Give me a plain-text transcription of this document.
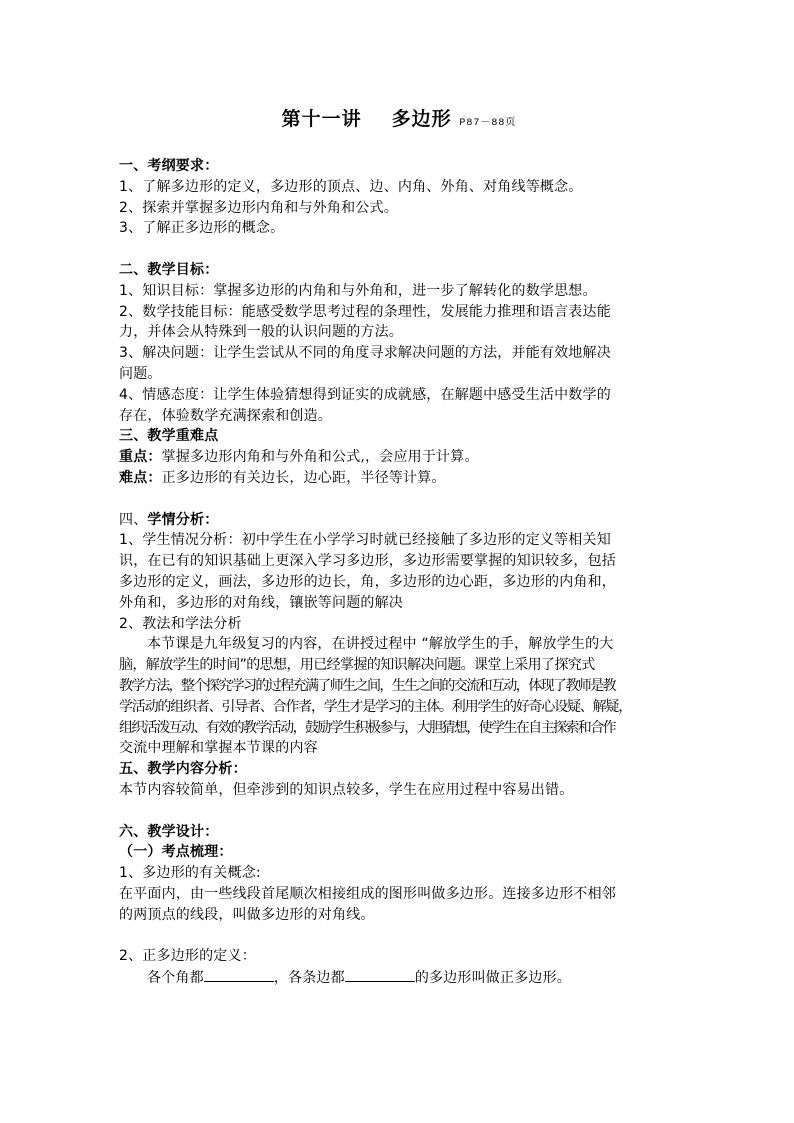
第十一讲 多边形 P87－88页
一、考纲要求：
1、了解多边形的定义，多边形的顶点、边、内角、外角、对角线等概念。
2、探索并掌握多边形内角和与外角和公式。
3、了解正多边形的概念。
二、教学目标：
1、知识目标：掌握多边形的内角和与外角和，进一步了解转化的数学思想。
2、数学技能目标：能感受数学思考过程的条理性，发展能力推理和语言表达能
力，并体会从特殊到一般的认识问题的方法。
3、解决问题：让学生尝试从不同的角度寻求解决问题的方法，并能有效地解决
问题。
4、情感态度：让学生体验猜想得到证实的成就感，在解题中感受生活中数学的
存在，体验数学充满探索和创造。
三、教学重难点
重点：掌握多边形内角和与外角和公式,，会应用于计算。
难点：正多边形的有关边长，边心距，半径等计算。
四、学情分析：
1、学生情况分析：初中学生在小学学习时就已经接触了多边形的定义等相关知
识，在已有的知识基础上更深入学习多边形，多边形需要掌握的知识较多，包括
多边形的定义，画法，多边形的边长，角，多边形的边心距，多边形的内角和，
外角和，多边形的对角线，镶嵌等问题的解决
2、教法和学法分析
本节课是九年级复习的内容，在讲授过程中 “解放学生的手，解放学生的大
脑，解放学生的时间”的思想，用已经掌握的知识解决问题。课堂上采用了探究式
教学方法，整个探究学习的过程充满了师生之间，生生之间的交流和互动，体现了教师是教
学活动的组织者、引导者、合作者，学生才是学习的主体。利用学生的好奇心设疑、解疑，
组织活泼互动、有效的教学活动，鼓励学生积极参与，大胆猜想，使学生在自主探索和合作
交流中理解和掌握本节课的内容
五、教学内容分析：
本节内容较简单，但牵涉到的知识点较多，学生在应用过程中容易出错。
六、教学设计：
（一）考点梳理：
1、多边形的有关概念:
在平面内，由一些线段首尾顺次相接组成的图形叫做多边形。连接多边形不相邻
的两顶点的线段，叫做多边形的对角线。
2、正多边形的定义：
各个角都	，各条边都	的多边形叫做正多边形。
